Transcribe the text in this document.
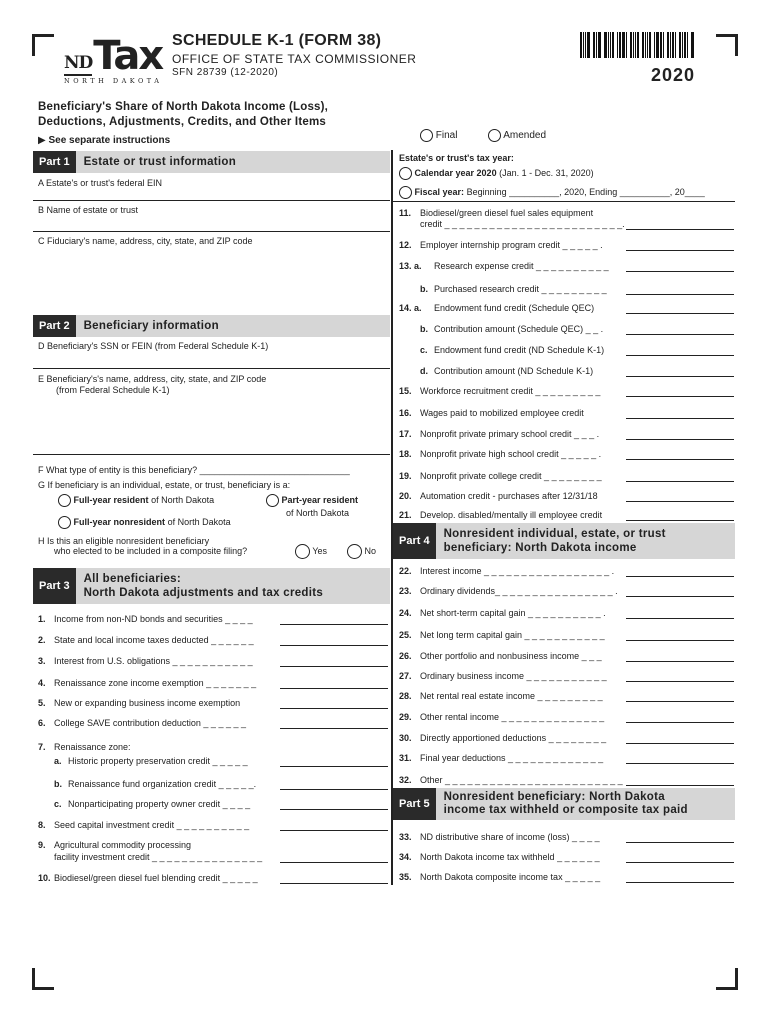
ND Tax
NORTH DAKOTA
SCHEDULE K-1 (FORM 38)
OFFICE OF STATE TAX COMMISSIONER
SFN 28739 (12-2020)	2020
Beneficiary's Share of North Dakota Income (Loss),
Deductions, Adjustments, Credits, and Other Items
▶ See separate instructions	Final	Amended
Part 1	Estate or trust information
A Estate's or trust's federal EIN
B Name of estate or trust
C Fiduciary's name, address, city, state, and ZIP code
Estate's or trust's tax year:
Calendar year 2020 (Jan. 1 - Dec. 31, 2020)
Fiscal year: Beginning __________, 2020, Ending __________, 20____
Part 2	Beneficiary information
D Beneficiary's SSN or FEIN (from Federal Schedule K-1)
E Beneficiary's's name, address, city, state, and ZIP code
(from Federal Schedule K-1)
F What type of entity is this beneficiary? ______________________________
G If beneficiary is an individual, estate, or trust, beneficiary is a:
Full-year resident of North Dakota	Part-year resident
of North Dakota
Full-year nonresident of North Dakota
H Is this an eligible nonresident beneficiary
who elected to be included in a composite filing?	Yes	No
Part 3
All beneficiaries:
North Dakota adjustments and tax credits
1. Income from non-ND bonds and securities _ _ _ _
2. State and local income taxes deducted _ _ _ _ _ _
3. Interest from U.S. obligations _ _ _ _ _ _ _ _ _ _ _
4. Renaissance zone income exemption _ _ _ _ _ _ _
5. New or expanding business income exemption
6. College SAVE contribution deduction _ _ _ _ _ _
7. Renaissance zone:
a. Historic property preservation credit _ _ _ _ _
b. Renaissance fund organization credit _ _ _ _ _.
c. Nonparticipating property owner credit _ _ _ _
8. Seed capital investment credit _ _ _ _ _ _ _ _ _ _
9. Agricultural commodity processing
facility investment credit _ _ _ _ _ _ _ _ _ _ _ _ _ _ _
10. Biodiesel/green diesel fuel blending credit _ _ _ _ _
11. Biodiesel/green diesel fuel sales equipment
credit _ _ _ _ _ _ _ _ _ _ _ _ _ _ _ _ _ _ _ _ _ _ _ _.
12. Employer internship program credit _ _ _ _ _ .
13. a. Research expense credit _ _ _ _ _ _ _ _ _ _
b. Purchased research credit _ _ _ _ _ _ _ _ _
14. a. Endowment fund credit (Schedule QEC)
b. Contribution amount (Schedule QEC) _ _ .
c. Endowment fund credit (ND Schedule K-1)
d. Contribution amount (ND Schedule K-1)
15. Workforce recruitment credit _ _ _ _ _ _ _ _ _
16. Wages paid to mobilized employee credit
17. Nonprofit private primary school credit _ _ _ .
18. Nonprofit private high school credit _ _ _ _ _ .
19. Nonprofit private college credit _ _ _ _ _ _ _ _
20. Automation credit - purchases after 12/31/18
21. Develop. disabled/mentally ill employee credit
Part 4
Nonresident individual, estate, or trust
beneficiary: North Dakota income
22. Interest income _ _ _ _ _ _ _ _ _ _ _ _ _ _ _ _ _ .
23. Ordinary dividends_ _ _ _ _ _ _ _ _ _ _ _ _ _ _ _ .
24. Net short-term capital gain _ _ _ _ _ _ _ _ _ _ .
25. Net long term capital gain _ _ _ _ _ _ _ _ _ _ _
26. Other portfolio and nonbusiness income _ _ _
27. Ordinary business income _ _ _ _ _ _ _ _ _ _ _
28. Net rental real estate income _ _ _ _ _ _ _ _ _
29. Other rental income _ _ _ _ _ _ _ _ _ _ _ _ _ _
30. Directly apportioned deductions _ _ _ _ _ _ _ _
31. Final year deductions _ _ _ _ _ _ _ _ _ _ _ _ _
32. Other _ _ _ _ _ _ _ _ _ _ _ _ _ _ _ _ _ _ _ _ _ _ _ _
Part 5
Nonresident beneficiary: North Dakota
income tax withheld or composite tax paid
33. ND distributive share of income (loss) _ _ _ _
34. North Dakota income tax withheld _ _ _ _ _ _
35. North Dakota composite income tax _ _ _ _ _
